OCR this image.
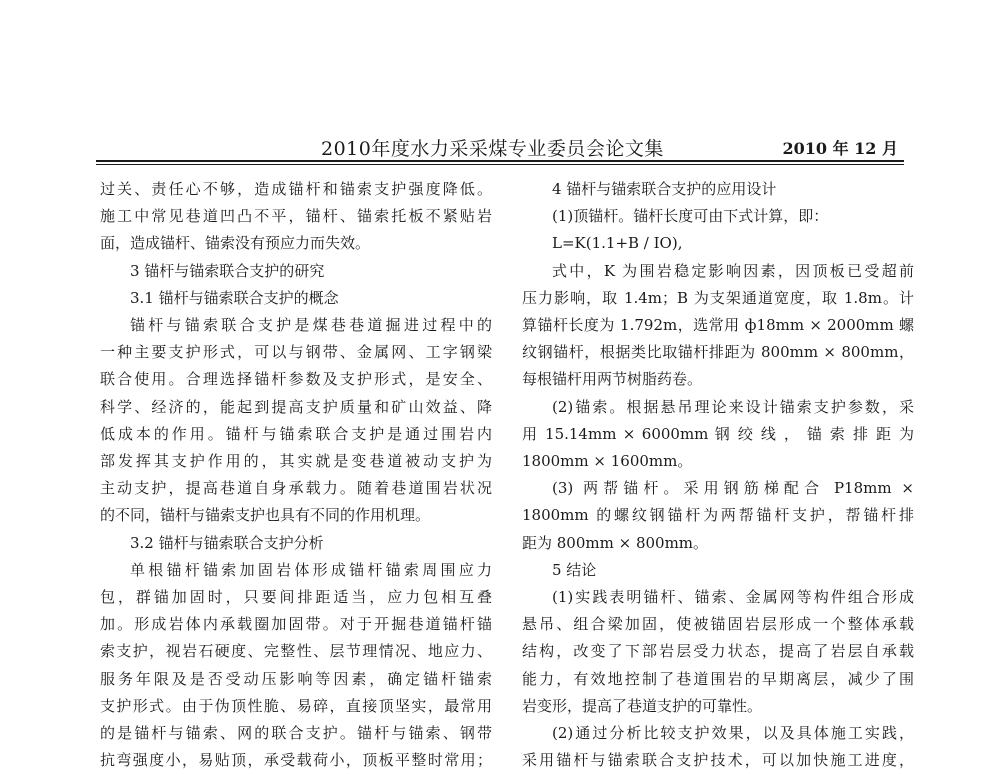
2010年度水力采采煤专业委员会论文集	2010 年 12 月

过关、责任心不够，造成锚杆和锚索支护强度降低。

施工中常见巷道凹凸不平，锚杆、锚索托板不紧贴岩

面，造成锚杆、锚索没有预应力而失效。

3 锚杆与锚索联合支护的研究

3.1 锚杆与锚索联合支护的概念

锚杆与锚索联合支护是煤巷巷道掘进过程中的

一种主要支护形式，可以与钢带、金属网、工字钢梁

联合使用。合理选择锚杆参数及支护形式，是安全、

科学、经济的，能起到提高支护质量和矿山效益、降

低成本的作用。锚杆与锚索联合支护是通过围岩内

部发挥其支护作用的，其实就是变巷道被动支护为

主动支护，提高巷道自身承载力。随着巷道围岩状况

的不同，锚杆与锚索支护也具有不同的作用机理。

3.2 锚杆与锚索联合支护分析

单根锚杆锚索加固岩体形成锚杆锚索周围应力

包，群锚加固时，只要间排距适当，应力包相互叠

加。形成岩体内承载圈加固带。对于开掘巷道锚杆锚

索支护，视岩石硬度、完整性、层节理情况、地应力、

服务年限及是否受动压影响等因素，确定锚杆锚索

支护形式。由于伪顶性脆、易碎，直接顶坚实，最常用

的是锚杆与锚索、网的联合支护。锚杆与锚索、钢带

抗弯强度小，易贴顶，承受载荷小，顶板平整时常用；

4 锚杆与锚索联合支护的应用设计

(1)顶锚杆。锚杆长度可由下式计算，即：

L=K(1.1+B / IO),

式中，K 为围岩稳定影响因素，因顶板已受超前

压力影响，取 1.4m；B 为支架通道宽度，取 1.8m。计

算锚杆长度为 1.792m，选常用 ф18mm × 2000mm 螺

纹钢锚杆，根据类比取锚杆排距为 800mm × 800mm，

每根锚杆用两节树脂药卷。

(2)锚索。根据悬吊理论来设计锚索支护参数，采

用 15.14mm × 6000mm 钢 绞 线 ， 锚 索 排 距 为

1800mm × 1600mm。

(3) 两帮锚杆。采用钢筋梯配合 P18mm ×

1800mm 的螺纹钢锚杆为两帮锚杆支护，帮锚杆排

距为 800mm × 800mm。

5 结论

(1)实践表明锚杆、锚索、金属网等构件组合形成

悬吊、组合梁加固，使被锚固岩层形成一个整体承载

结构，改变了下部岩层受力状态，提高了岩层自承载

能力，有效地控制了巷道围岩的早期离层，减少了围

岩变形，提高了巷道支护的可靠性。

(2)通过分析比较支护效果，以及具体施工实践，

采用锚杆与锚索联合支护技术，可以加快施工进度，
